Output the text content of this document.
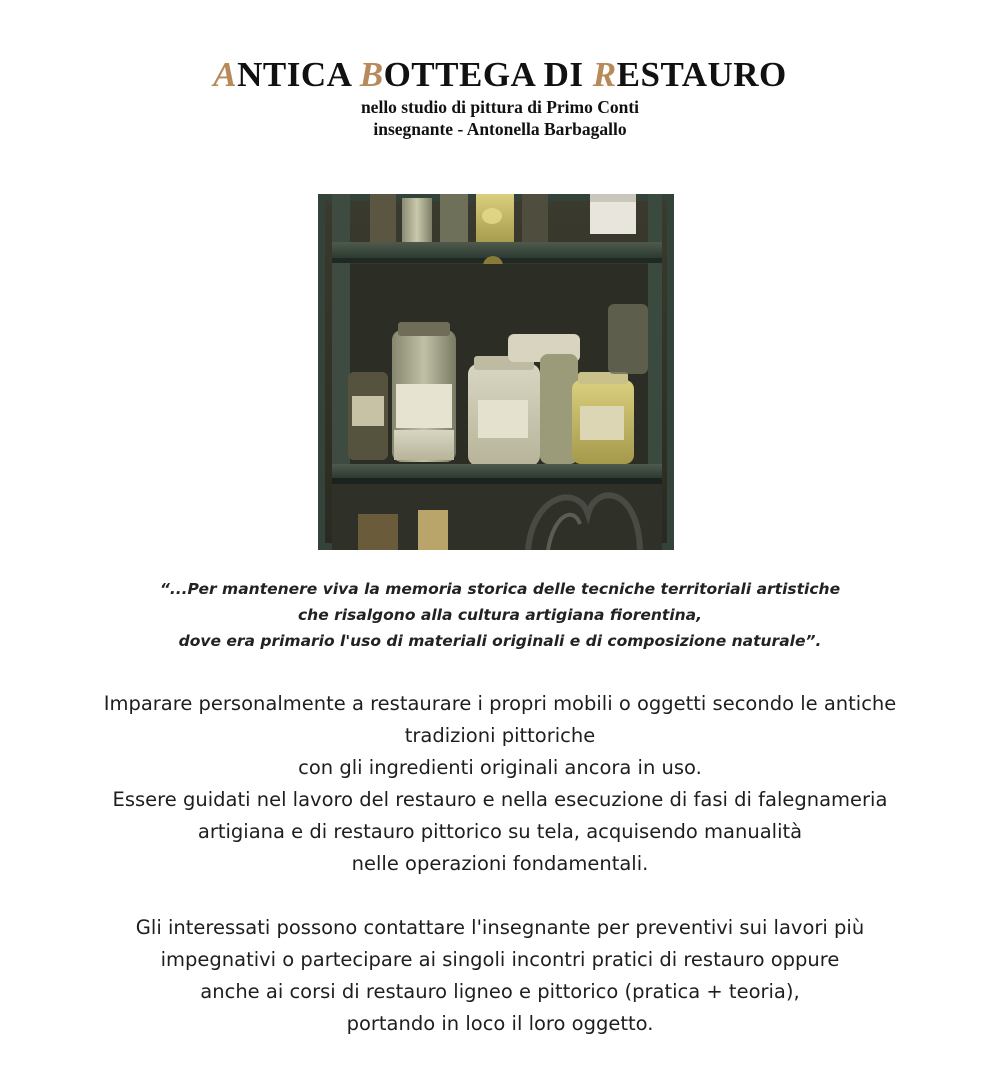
ANTICA BOTTEGA DI RESTAURO

nello studio di pittura di Primo Conti

insegnante - Antonella Barbagallo

“...Per mantenere viva la memoria storica delle tecniche territoriali artistiche
che risalgono alla cultura artigiana fiorentina,
dove era primario l'uso di materiali originali e di composizione naturale”.
Imparare personalmente a restaurare i propri mobili o oggetti secondo le antiche
tradizioni pittoriche
con gli ingredienti originali ancora in uso.
Essere guidati nel lavoro del restauro e nella esecuzione di fasi di falegnameria
artigiana e di restauro pittorico su tela, acquisendo manualità
nelle operazioni fondamentali.
Gli interessati possono contattare l'insegnante per preventivi sui lavori più
impegnativi o partecipare ai singoli incontri pratici di restauro oppure
anche ai corsi di restauro ligneo e pittorico (pratica + teoria),
portando in loco il loro oggetto.
